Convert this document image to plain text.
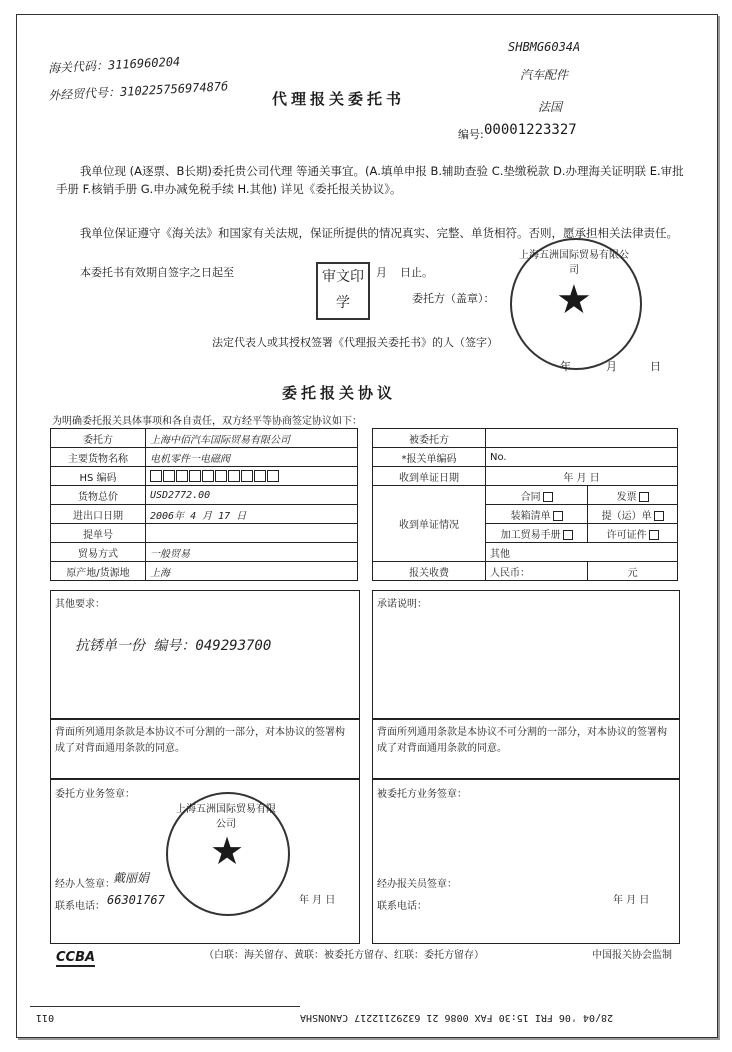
海关代码：3116960204
外经贸代号：31022575697487б
SHBMG6034A
汽车配件
法国
代理报关委托书
编号: 00001223327
我单位现 (A逐票、B长期)委托贵公司代理 等通关事宜。(A.填单申报 B.辅助查验 C.垫缴税款 D.办理海关证明联 E.审批手册 F.核销手册 G.申办减免税手续 H.其他) 详见《委托报关协议》。
我单位保证遵守《海关法》和国家有关法规，保证所提供的情况真实、完整、单货相符。否则，愿承担相关法律责任。
本委托书有效期自签字之日起至	月 日止。
委托方（盖章）：
审文印学	★
上海五洲国际贸易有限公司
法定代表人或其授权签署《代理报关委托书》的人（签字）
年	月	日
委托报关协议
为明确委托报关具体事项和各自责任，双方经平等协商签定协议如下：
委托方	上海中佰汽车国际贸易有限公司
主要货物名称	电机零件一电磁阀
HS 编码	
货物总价	USD2772.00
进出口日期	2006年 4 月 17 日
提单号	
贸易方式	一般贸易
原产地/货源地	上海
被委托方		
*报关单编码	No.	
收到单证日期	年 月 日	
收到单证情况	合同	发票
	装箱清单	提（运）单
	加工贸易手册	许可证件
	其他	
报关收费	人民币：	元
其他要求：
抗锈单一份 编号：049293700
承诺说明：
背面所列通用条款是本协议不可分割的一部分，对本协议的签署构成了对背面通用条款的同意。
背面所列通用条款是本协议不可分割的一部分，对本协议的签署构成了对背面通用条款的同意。
委托方业务签章：
经办人签章：
戴丽娟
联系电话： 66301767	年 月 日
被委托方业务签章：
经办报关员签章：
联系电话：
年 月 日
★
上海五洲国际贸易有限公司
CCBA	（白联：海关留存、黄联：被委托方留存、红联：委托方留存）	中国报关协会监制
28/04 '06 FRI 15:30 FAX 0086 21 63292112217 CANONSHA
011
